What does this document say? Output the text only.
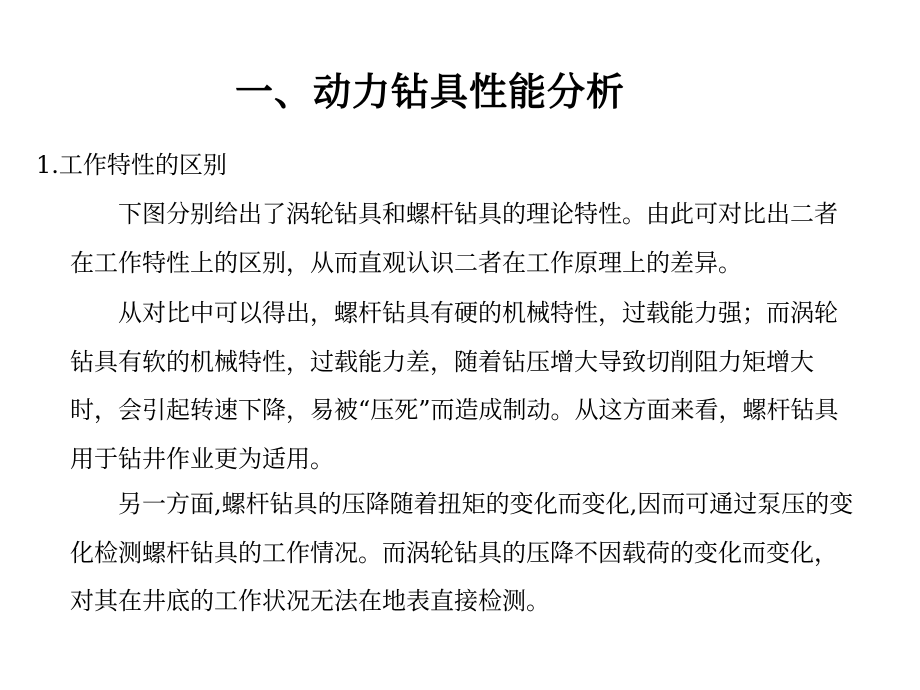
一、动力钻具性能分析
1.工作特性的区别

下图分别给出了涡轮钻具和螺杆钻具的理论特性。由此可对比出二者在工作特性上的区别，从而直观认识二者在工作原理上的差异。

从对比中可以得出，螺杆钻具有硬的机械特性，过载能力强；而涡轮钻具有软的机械特性，过载能力差，随着钻压增大导致切削阻力矩增大时，会引起转速下降，易被“压死”而造成制动。从这方面来看，螺杆钻具用于钻井作业更为适用。

另一方面,螺杆钻具的压降随着扭矩的变化而变化,因而可通过泵压的变化检测螺杆钻具的工作情况。而涡轮钻具的压降不因载荷的变化而变化，对其在井底的工作状况无法在地表直接检测。
